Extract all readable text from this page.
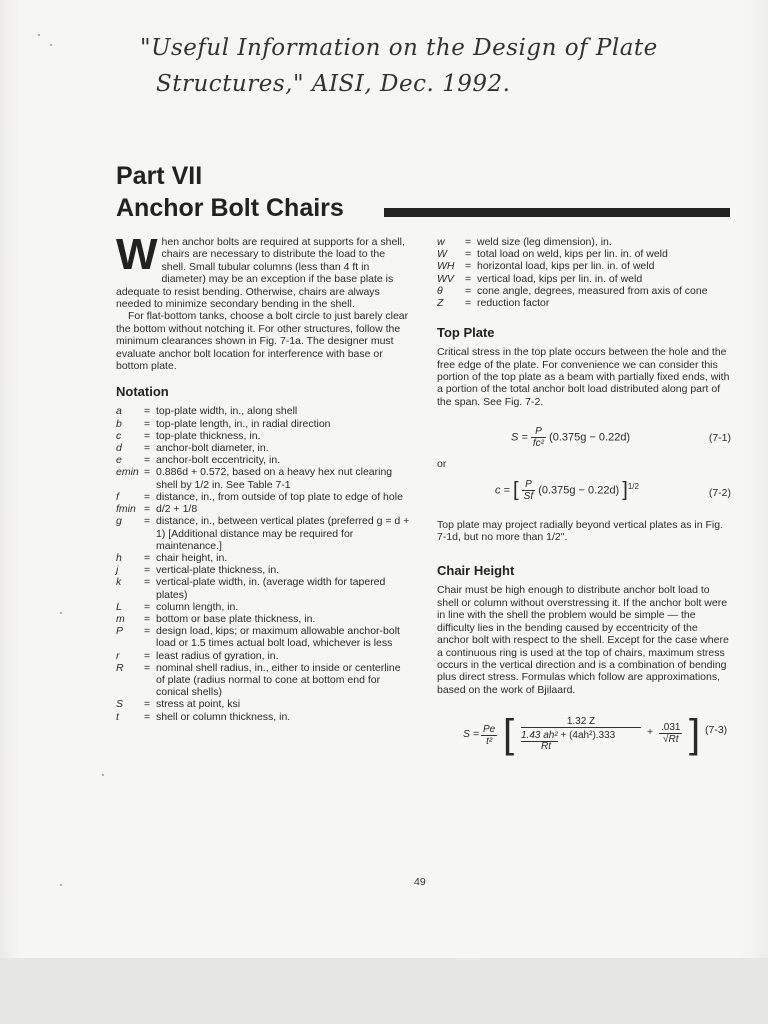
"Useful Information on the Design of Plate
Structures," AISI, Dec. 1992.
Part VII
Anchor Bolt Chairs
W hen anchor bolts are required at supports for a shell, chairs are necessary to distribute the load to the shell. Small tubular columns (less than 4 ft in diameter) may be an exception if the base plate is adequate to resist bending. Otherwise, chairs are always needed to minimize secondary bending in the shell.

For flat-bottom tanks, choose a bolt circle to just barely clear the bottom without notching it. For other structures, follow the minimum clearances shown in Fig. 7-1a. The designer must evaluate anchor bolt location for interference with base or bottom plate.

Notation

a	= top-plate width, in., along shell
b	= top-plate length, in., in radial direction
c	= top-plate thickness, in.
d	= anchor-bolt diameter, in.
e	= anchor-bolt eccentricity, in.
emin = 0.886d + 0.572, based on a heavy hex nut clearing shell by 1/2 in. See Table 7-1
f	= distance, in., from outside of top plate to edge of hole
fmin = d/2 + 1/8
g	= distance, in., between vertical plates (preferred g = d + 1) [Additional distance may be required for maintenance.]
h	= chair height, in.
j	= vertical-plate thickness, in.
k	= vertical-plate width, in. (average width for tapered plates)
L	= column length, in.
m	= bottom or base plate thickness, in.
P	= design load, kips; or maximum allowable anchor-bolt load or 1.5 times actual bolt load, whichever is less
r	= least radius of gyration, in.
R	= nominal shell radius, in., either to inside or centerline of plate (radius normal to cone at bottom end for conical shells)
S	= stress at point, ksi
t	= shell or column thickness, in.
w	= weld size (leg dimension), in.
W	= total load on weld, kips per lin. in. of weld
WH	= horizontal load, kips per lin. in. of weld
WV	= vertical load, kips per lin. in. of weld
θ	= cone angle, degrees, measured from axis of cone
Z	= reduction factor

Top Plate

Critical stress in the top plate occurs between the hole and the free edge of the plate. For convenience we can consider this portion of the top plate as a beam with partially fixed ends, with a portion of the total anchor bolt load distributed along part of the span. See Fig. 7-2.

$S = \frac{P}{\text{fc²}} (0.375g - 0.22d)$	(7-1)

or

c = [ $\frac{P}{Sf} (0.375g - 0.22d)$ ]$^{1/2}$
(7-2)

Top plate may project radially beyond vertical plates as in Fig. 7-1d, but no more than 1/2".

Chair Height

Chair must be high enough to distribute anchor bolt load to shell or column without overstressing it. If the anchor bolt were in line with the shell the problem would be simple — the difficulty lies in the bending caused by eccentricity of the anchor bolt with respect to the shell. Except for the case where a continuous ring is used at the top of chairs, maximum stress occurs in the vertical direction and is a combination of bending plus direct stress. Formulas which follow are approximations, based on the work of Bjilaard.

$S = \frac{Pe}{\text{t²}}$ [	1.32 Z
1.43 ah² + (4ah²).333
Rt
+ $\frac{.031}{√Rt}$ ] (7-3)
49
